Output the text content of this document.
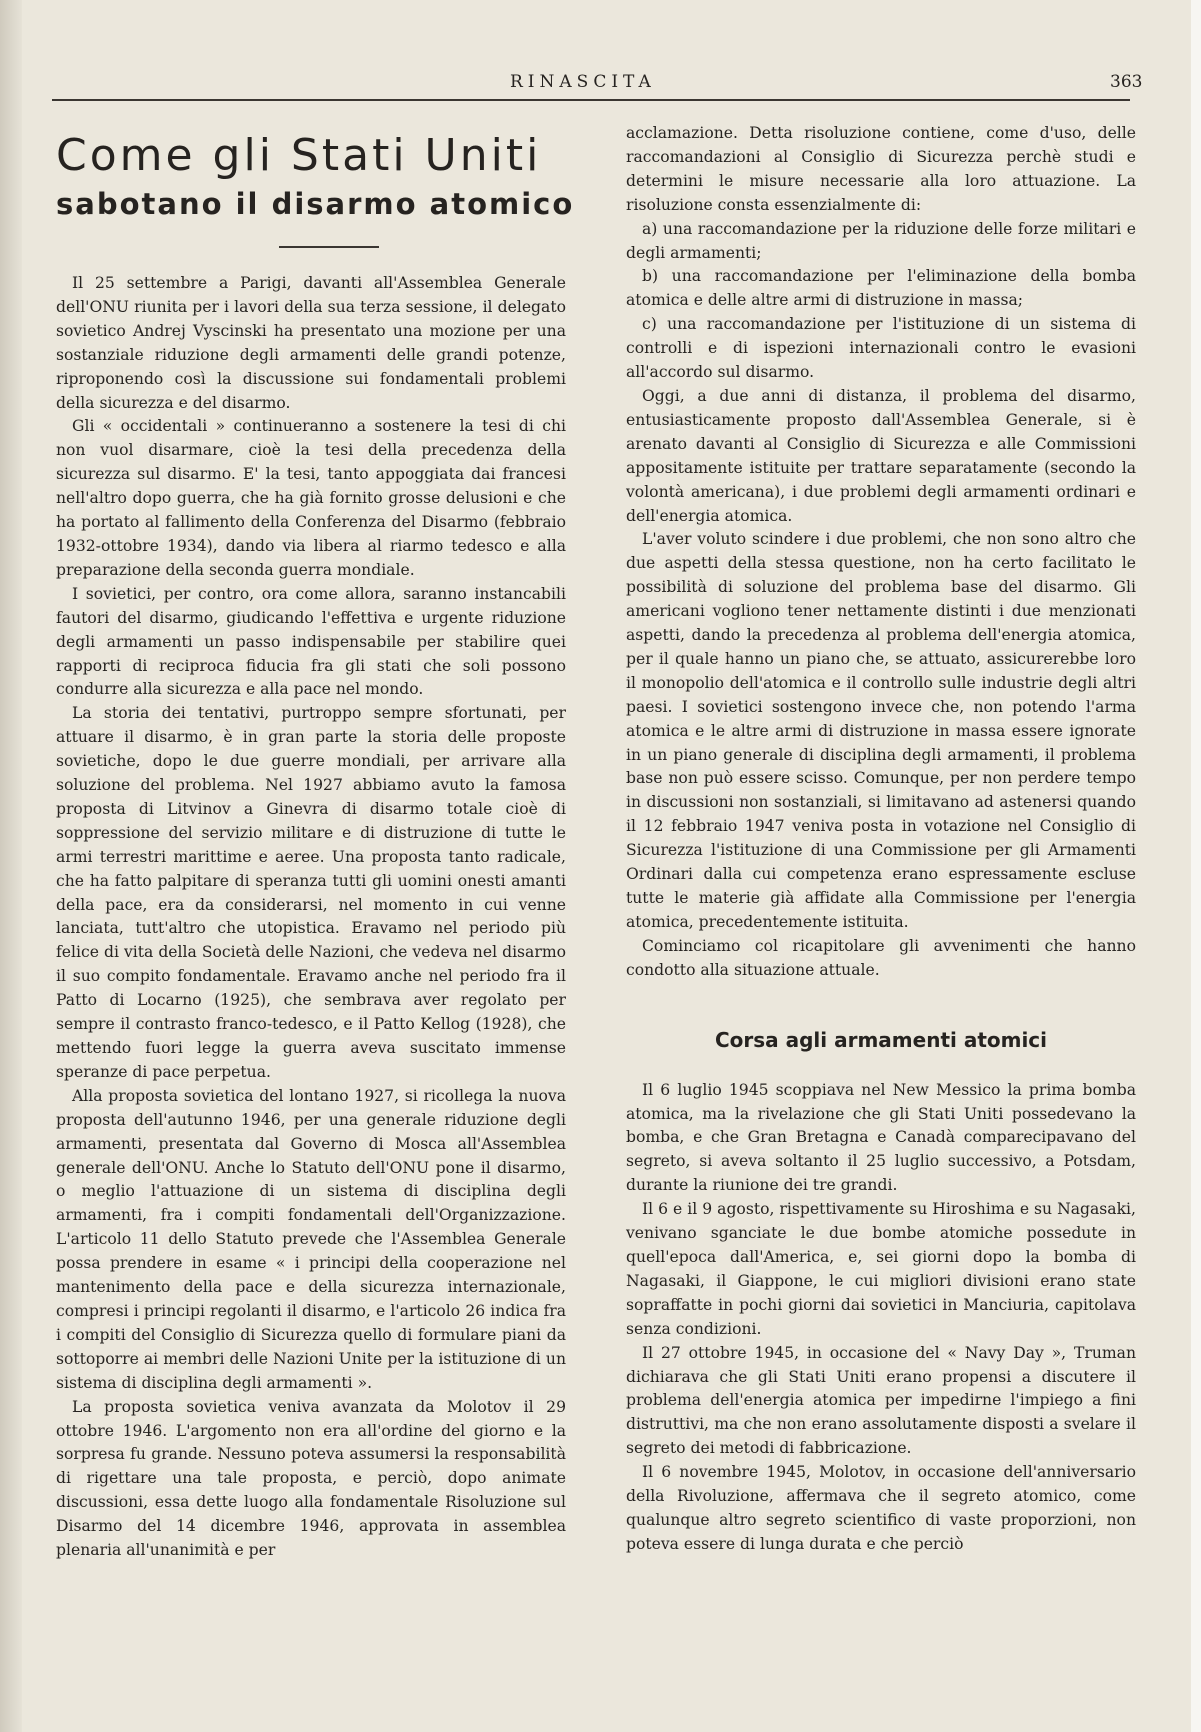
RINASCITA	363
Come gli Stati Uniti
sabotano il disarmo atomico

Il 25 settembre a Parigi, davanti all'Assemblea Generale dell'ONU riunita per i lavori della sua terza sessione, il delegato sovietico Andrej Vyscinski ha presentato una mozione per una sostanziale riduzione degli armamenti delle grandi potenze, riproponendo così la discussione sui fondamentali problemi della sicurezza e del disarmo.

Gli « occidentali » continueranno a sostenere la tesi di chi non vuol disarmare, cioè la tesi della precedenza della sicurezza sul disarmo. E' la tesi, tanto appoggiata dai francesi nell'altro dopo guerra, che ha già fornito grosse delusioni e che ha portato al fallimento della Conferenza del Disarmo (febbraio 1932-ottobre 1934), dando via libera al riarmo tedesco e alla preparazione della seconda guerra mondiale.

I sovietici, per contro, ora come allora, saranno instancabili fautori del disarmo, giudicando l'effettiva e urgente riduzione degli armamenti un passo indispensabile per stabilire quei rapporti di reciproca fiducia fra gli stati che soli possono condurre alla sicurezza e alla pace nel mondo.

La storia dei tentativi, purtroppo sempre sfortunati, per attuare il disarmo, è in gran parte la storia delle proposte sovietiche, dopo le due guerre mondiali, per arrivare alla soluzione del problema. Nel 1927 abbiamo avuto la famosa proposta di Litvinov a Ginevra di disarmo totale cioè di soppressione del servizio militare e di distruzione di tutte le armi terrestri marittime e aeree. Una proposta tanto radicale, che ha fatto palpitare di speranza tutti gli uomini onesti amanti della pace, era da considerarsi, nel momento in cui venne lanciata, tutt'altro che utopistica. Eravamo nel periodo più felice di vita della Società delle Nazioni, che vedeva nel disarmo il suo compito fondamentale. Eravamo anche nel periodo fra il Patto di Locarno (1925), che sembrava aver regolato per sempre il contrasto franco-tedesco, e il Patto Kellog (1928), che mettendo fuori legge la guerra aveva suscitato immense speranze di pace perpetua.

Alla proposta sovietica del lontano 1927, si ricollega la nuova proposta dell'autunno 1946, per una generale riduzione degli armamenti, presentata dal Governo di Mosca all'Assemblea generale dell'ONU. Anche lo Statuto dell'ONU pone il disarmo, o meglio l'attuazione di un sistema di disciplina degli armamenti, fra i compiti fondamentali dell'Organizzazione. L'articolo 11 dello Statuto prevede che l'Assemblea Generale possa prendere in esame « i principi della cooperazione nel mantenimento della pace e della sicurezza internazionale, compresi i principi regolanti il disarmo, e l'articolo 26 indica fra i compiti del Consiglio di Sicurezza quello di formulare piani da sottoporre ai membri delle Nazioni Unite per la istituzione di un sistema di disciplina degli armamenti ».

La proposta sovietica veniva avanzata da Molotov il 29 ottobre 1946. L'argomento non era all'ordine del giorno e la sorpresa fu grande. Nessuno poteva assumersi la responsabilità di rigettare una tale proposta, e perciò, dopo animate discussioni, essa dette luogo alla fondamentale Risoluzione sul Disarmo del 14 dicembre 1946, approvata in assemblea plenaria all'unanimità e per

acclamazione. Detta risoluzione contiene, come d'uso, delle raccomandazioni al Consiglio di Sicurezza perchè studi e determini le misure necessarie alla loro attuazione. La risoluzione consta essenzialmente di:

a) una raccomandazione per la riduzione delle forze militari e degli armamenti;

b) una raccomandazione per l'eliminazione della bomba atomica e delle altre armi di distruzione in massa;

c) una raccomandazione per l'istituzione di un sistema di controlli e di ispezioni internazionali contro le evasioni all'accordo sul disarmo.

Oggi, a due anni di distanza, il problema del disarmo, entusiasticamente proposto dall'Assemblea Generale, si è arenato davanti al Consiglio di Sicurezza e alle Commissioni appositamente istituite per trattare separatamente (secondo la volontà americana), i due problemi degli armamenti ordinari e dell'energia atomica.

L'aver voluto scindere i due problemi, che non sono altro che due aspetti della stessa questione, non ha certo facilitato le possibilità di soluzione del problema base del disarmo. Gli americani vogliono tener nettamente distinti i due menzionati aspetti, dando la precedenza al problema dell'energia atomica, per il quale hanno un piano che, se attuato, assicurerebbe loro il monopolio dell'atomica e il controllo sulle industrie degli altri paesi. I sovietici sostengono invece che, non potendo l'arma atomica e le altre armi di distruzione in massa essere ignorate in un piano generale di disciplina degli armamenti, il problema base non può essere scisso. Comunque, per non perdere tempo in discussioni non sostanziali, si limitavano ad astenersi quando il 12 febbraio 1947 veniva posta in votazione nel Consiglio di Sicurezza l'istituzione di una Commissione per gli Armamenti Ordinari dalla cui competenza erano espressamente escluse tutte le materie già affidate alla Commissione per l'energia atomica, precedentemente istituita.

Cominciamo col ricapitolare gli avvenimenti che hanno condotto alla situazione attuale.

Corsa agli armamenti atomici

Il 6 luglio 1945 scoppiava nel New Messico la prima bomba atomica, ma la rivelazione che gli Stati Uniti possedevano la bomba, e che Gran Bretagna e Canadà comparecipavano del segreto, si aveva soltanto il 25 luglio successivo, a Potsdam, durante la riunione dei tre grandi.

Il 6 e il 9 agosto, rispettivamente su Hiroshima e su Nagasaki, venivano sganciate le due bombe atomiche possedute in quell'epoca dall'America, e, sei giorni dopo la bomba di Nagasaki, il Giappone, le cui migliori divisioni erano state sopraffatte in pochi giorni dai sovietici in Manciuria, capitolava senza condizioni.

Il 27 ottobre 1945, in occasione del « Navy Day », Truman dichiarava che gli Stati Uniti erano propensi a discutere il problema dell'energia atomica per impedirne l'impiego a fini distruttivi, ma che non erano assolutamente disposti a svelare il segreto dei metodi di fabbricazione.

Il 6 novembre 1945, Molotov, in occasione dell'anniversario della Rivoluzione, affermava che il segreto atomico, come qualunque altro segreto scientifico di vaste proporzioni, non poteva essere di lunga durata e che perciò
